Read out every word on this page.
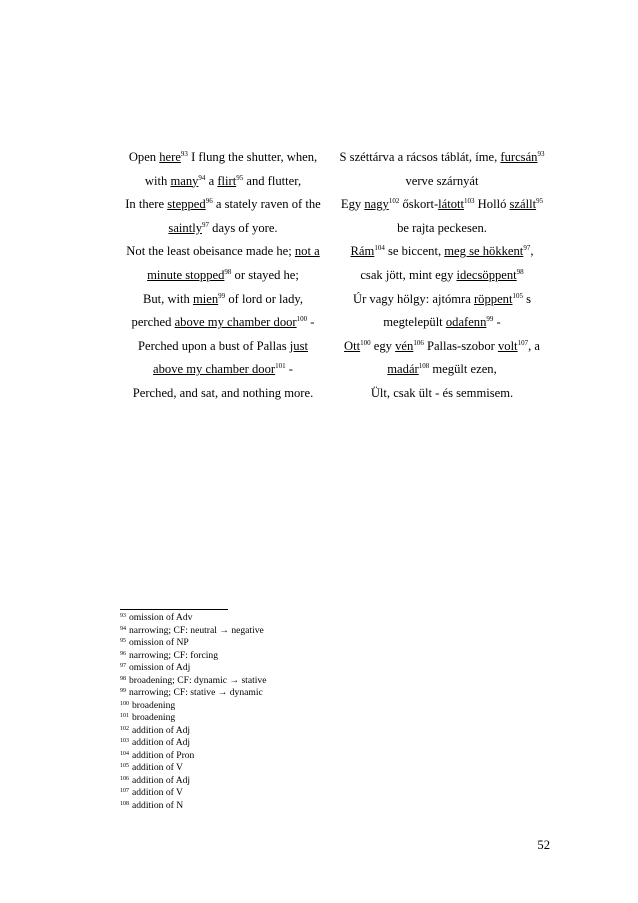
Open here$^{93}$ I flung the shutter, when,
with many$^{94}$ a flirt$^{95}$ and flutter,
In there stepped$^{96}$ a stately raven of the
saintly$^{97}$ days of yore.
Not the least obeisance made he; not a
minute stopped$^{98}$ or stayed he;
But, with mien$^{99}$ of lord or lady,
perched above my chamber door$^{100}$ -
Perched upon a bust of Pallas just
above my chamber door$^{101}$ -
Perched, and sat, and nothing more.
S széttárva a rácsos táblát, íme, furcsán$^{93}$
verve szárnyát
Egy nagy$^{102}$ őskort-látott$^{103}$ Holló szállt$^{95}$
be rajta peckesen.
Rám$^{104}$ se biccent, meg se hökkent$^{97}$,
csak jött, mint egy idecsöppent$^{98}$
Úr vagy hölgy: ajtómra röppent$^{105}$ s
megtelepült odafenn$^{99}$ -
Ott$^{100}$ egy vén$^{106}$ Pallas-szobor volt$^{107}$, a
madár$^{108}$ megült ezen,
Ült, csak ült - és semmisem.
$^{93}$ omission of Adv
$^{94}$ narrowing; CF: neutral → negative
$^{95}$ omission of NP
$^{96}$ narrowing; CF: forcing
$^{97}$ omission of Adj
$^{98}$ broadening; CF: dynamic → stative
$^{99}$ narrowing; CF: stative → dynamic
$^{100}$ broadening
$^{101}$ broadening
$^{102}$ addition of Adj
$^{103}$ addition of Adj
$^{104}$ addition of Pron
$^{105}$ addition of V
$^{106}$ addition of Adj
$^{107}$ addition of V
$^{108}$ addition of N
52
